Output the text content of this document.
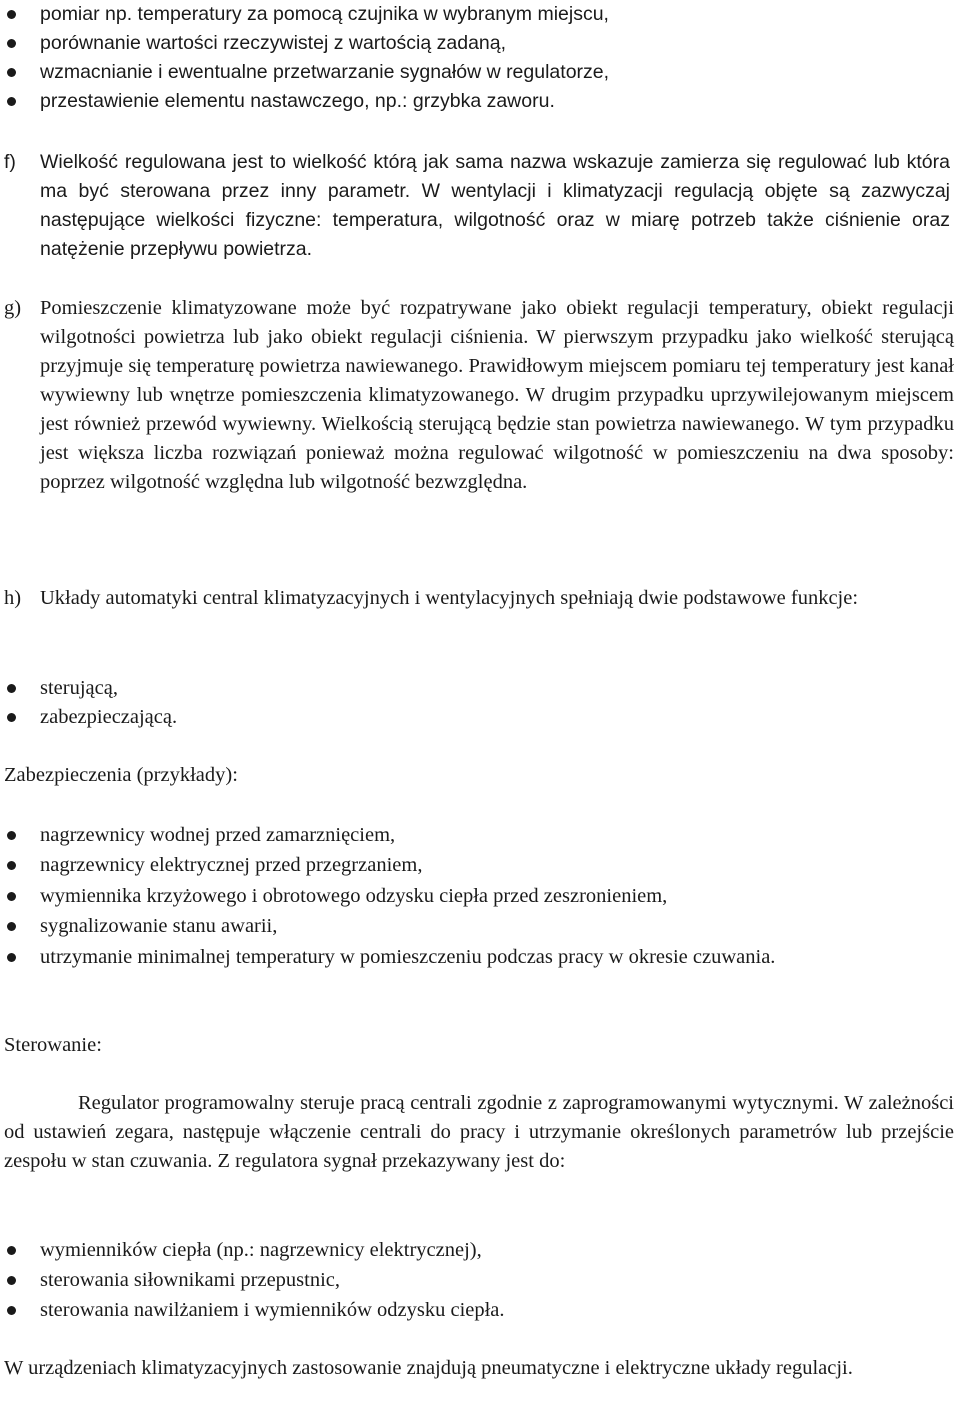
pomiar np. temperatury za pomocą czujnika w wybranym miejscu,
porównanie wartości rzeczywistej z wartością zadaną,
wzmacnianie i ewentualne przetwarzanie sygnałów w regulatorze,
przestawienie elementu nastawczego, np.: grzybka zaworu.
f)	Wielkość regulowana jest to wielkość którą jak sama nazwa wskazuje zamierza się regulować lub która ma być sterowana przez inny parametr. W wentylacji i klimatyzacji regulacją objęte są zazwyczaj następujące wielkości fizyczne: temperatura, wilgotność oraz w miarę potrzeb także ciśnienie oraz natężenie przepływu powietrza.
g) Pomieszczenie klimatyzowane może być rozpatrywane jako obiekt regulacji temperatury, obiekt regulacji wilgotności powietrza lub jako obiekt regulacji ciśnienia. W pierwszym przypadku jako wielkość sterującą przyjmuje się temperaturę powietrza nawiewanego. Prawidłowym miejscem pomiaru tej temperatury jest kanał wywiewny lub wnętrze pomieszczenia klimatyzowanego. W drugim przypadku uprzywilejowanym miejscem jest również przewód wywiewny. Wielkością sterującą będzie stan powietrza nawiewanego. W tym przypadku jest większa liczba rozwiązań ponieważ można regulować wilgotność w pomieszczeniu na dwa sposoby: poprzez wilgotność względna lub wilgotność bezwzględna.
h) Układy automatyki central klimatyzacyjnych i wentylacyjnych spełniają dwie podstawowe funkcje:
sterującą,
zabezpieczającą.
Zabezpieczenia (przykłady):
nagrzewnicy wodnej przed zamarznięciem,
nagrzewnicy elektrycznej przed przegrzaniem,
wymiennika krzyżowego i obrotowego odzysku ciepła przed zeszronieniem,
sygnalizowanie stanu awarii,
utrzymanie minimalnej temperatury w pomieszczeniu podczas pracy w okresie czuwania.
Sterowanie:
Regulator programowalny steruje pracą centrali zgodnie z zaprogramowanymi wytycznymi. W zależności od ustawień zegara, następuje włączenie centrali do pracy i utrzymanie określonych parametrów lub przejście zespołu w stan czuwania. Z regulatora sygnał przekazywany jest do:
wymienników ciepła (np.: nagrzewnicy elektrycznej),
sterowania siłownikami przepustnic,
sterowania nawilżaniem i wymienników odzysku ciepła.
W urządzeniach klimatyzacyjnych zastosowanie znajdują pneumatyczne i elektryczne układy regulacji.
